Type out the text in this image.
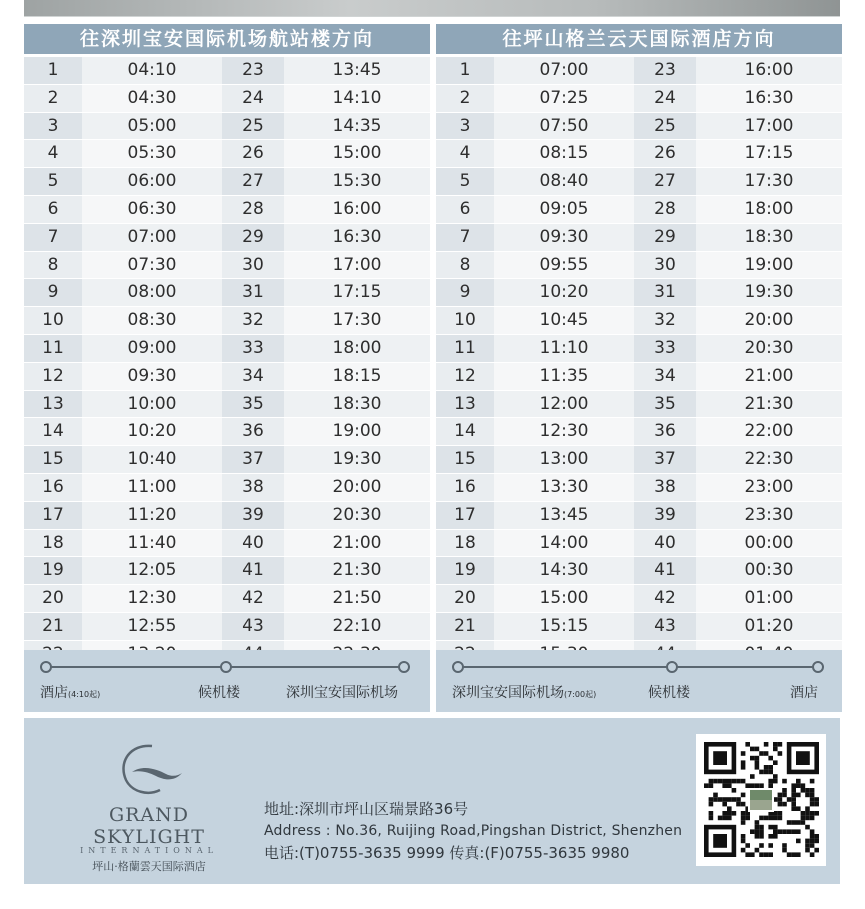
往深圳宝安国际机场航站楼方向
1	04:10	23	13:45
2	04:30	24	14:10
3	05:00	25	14:35
4	05:30	26	15:00
5	06:00	27	15:30
6	06:30	28	16:00
7	07:00	29	16:30
8	07:30	30	17:00
9	08:00	31	17:15
10	08:30	32	17:30
11	09:00	33	18:00
12	09:30	34	18:15
13	10:00	35	18:30
14	10:20	36	19:00
15	10:40	37	19:30
16	11:00	38	20:00
17	11:20	39	20:30
18	11:40	40	21:00
19	12:05	41	21:30
20	12:30	42	21:50
21	12:55	43	22:10
往坪山格兰云天国际酒店方向
1	07:00	23	16:00
2	07:25	24	16:30
3	07:50	25	17:00
4	08:15	26	17:15
5	08:40	27	17:30
6	09:05	28	18:00
7	09:30	29	18:30
8	09:55	30	19:00
9	10:20	31	19:30
10	10:45	32	20:00
11	11:10	33	20:30
12	11:35	34	21:00
13	12:00	35	21:30
14	12:30	36	22:00
15	13:00	37	22:30
16	13:30	38	23:00
17	13:45	39	23:30
18	14:00	40	00:00
19	14:30	41	00:30
20	15:00	42	01:00
21	15:15	43	01:20
酒店(4:10起)	候机楼	深圳宝安国际机场	深圳宝安国际机场(7:00起)	候机楼	酒店
GRAND SKYLIGHT
INTERNATIONAL
坪山·格蘭雲天国际酒店
地址:深圳市坪山区瑞景路36号
Address : No.36, Ruijing Road,Pingshan District, Shenzhen
电话:(T)0755-3635 9999 传真:(F)0755-3635 9980
